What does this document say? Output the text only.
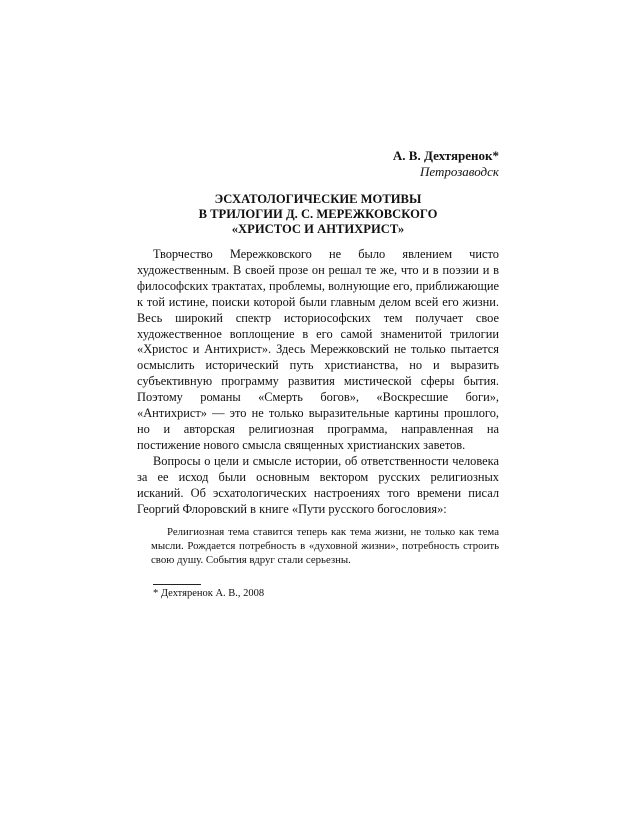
А. В. Дехтяренок*
Петрозаводск
ЭСХАТОЛОГИЧЕСКИЕ МОТИВЫ
В ТРИЛОГИИ Д. С. МЕРЕЖКОВСКОГО
«ХРИСТОС И АНТИХРИСТ»

Творчество Мережковского не было явлением чисто художественным. В своей прозе он решал те же, что и в поэзии и в философских трактатах, проблемы, волнующие его, приближающие к той истине, поиски которой были главным делом всей его жизни. Весь широкий спектр историософских тем получает свое художественное воплощение в его самой знаменитой трилогии «Христос и Антихрист». Здесь Мережковский не только пытается осмыслить исторический путь христианства, но и выразить субъективную программу развития мистической сферы бытия. Поэтому романы «Смерть богов», «Воскресшие боги», «Антихрист» — это не только выразительные картины прошлого, но и авторская религиозная программа, направленная на постижение нового смысла священных христианских заветов.

Вопросы о цели и смысле истории, об ответственности человека за ее исход были основным вектором русских религиозных исканий. Об эсхатологических настроениях того времени писал Георгий Флоровский в книге «Пути русского богословия»:

Религиозная тема ставится теперь как тема жизни, не только как тема мысли. Рождается потребность в «духовной жизни», потребность строить свою душу. События вдруг стали серьезны.

* Дехтяренок А. В., 2008
